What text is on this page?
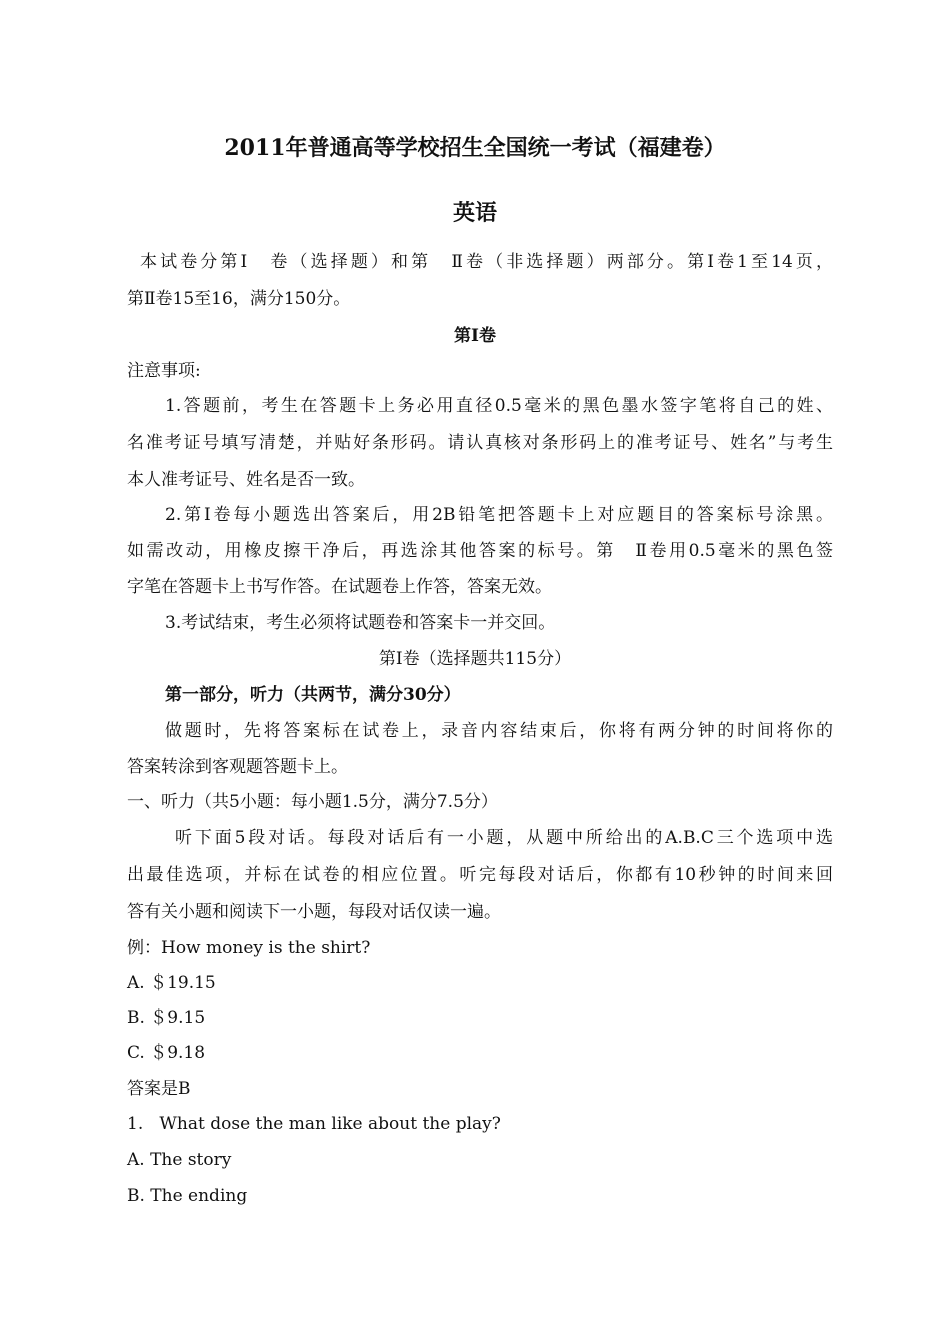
2011年普通高等学校招生全国统一考试（福建卷）
英语
本试卷分第Ⅰ　卷（选择题）和第　Ⅱ卷（非选择题）两部分。第Ⅰ卷1至14页，
第Ⅱ卷15至16，满分150分。
第Ⅰ卷
注意事项:
1.答题前，考生在答题卡上务必用直径0.5毫米的黑色墨水签字笔将自己的姓、
名准考证号填写清楚，并贴好条形码。请认真核对条形码上的准考证号、姓名”与考生
本人准考证号、姓名是否一致。
2.第Ⅰ卷每小题选出答案后，用2B铅笔把答题卡上对应题目的答案标号涂黑。
如需改动，用橡皮擦干净后，再选涂其他答案的标号。第　Ⅱ卷用0.5毫米的黑色签
字笔在答题卡上书写作答。在试题卷上作答，答案无效。
3.考试结束，考生必须将试题卷和答案卡一并交回。
第Ⅰ卷（选择题共115分）
第一部分，听力（共两节，满分30分）
做题时，先将答案标在试卷上，录音内容结束后，你将有两分钟的时间将你的
答案转涂到客观题答题卡上。
一、听力（共5小题：每小题1.5分，满分7.5分）
听下面5段对话。每段对话后有一小题，从题中所给出的A.B.C三个选项中选
出最佳选项，并标在试卷的相应位置。听完每段对话后，你都有10秒钟的时间来回
答有关小题和阅读下一小题，每段对话仅读一遍。
例：How money is the shirt?
A. ＄19.15
B. ＄9.15
C. ＄9.18
答案是B
1.   What dose the man like about the play?
A. The story
B. The ending
